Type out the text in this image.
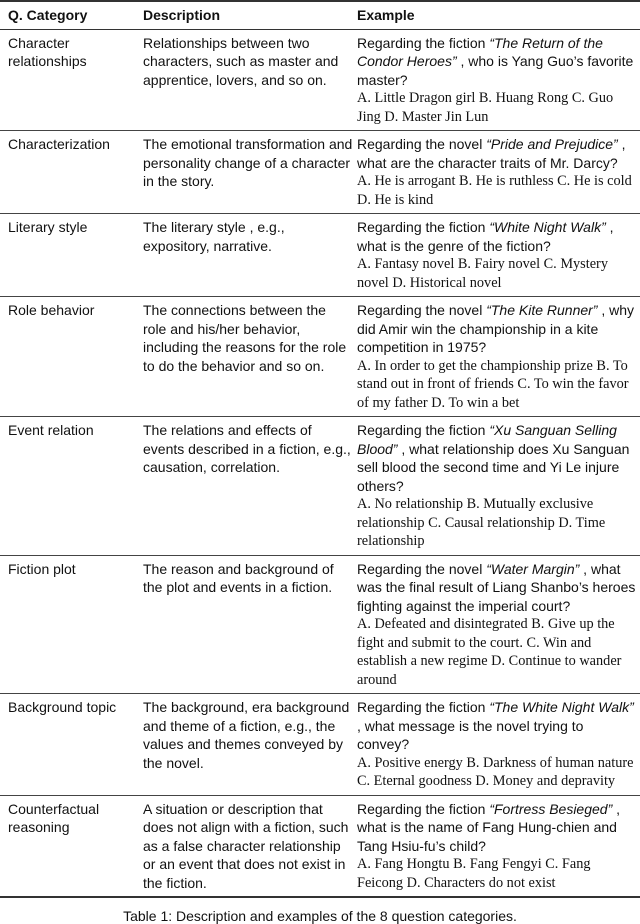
Q. Category	Description	Example
Character relationships	Relationships between two characters, such as master and apprentice, lovers, and so on.	Regarding the fiction “The Return of the Condor Heroes” , who is Yang Guo’s favorite master?
A. Little Dragon girl B. Huang Rong C. Guo Jing D. Master Jin Lun

Characterization	The emotional transformation and personality change of a character in the story.	Regarding the novel “Pride and Prejudice” , what are the character traits of Mr. Darcy?
A. He is arrogant B. He is ruthless C. He is cold D. He is kind

Literary style	The literary style , e.g., expository, narrative.	Regarding the fiction “White Night Walk” , what is the genre of the fiction?
A. Fantasy novel B. Fairy novel C. Mystery novel D. Historical novel

Role behavior	The connections between the role and his/her behavior, including the reasons for the role to do the behavior and so on.	Regarding the novel “The Kite Runner” , why did Amir win the championship in a kite competition in 1975?
A. In order to get the championship prize B. To stand out in front of friends C. To win the favor of my father D. To win a bet

Event relation	The relations and effects of events described in a fiction, e.g., causation, correlation.	Regarding the fiction “Xu Sanguan Selling Blood” , what relationship does Xu Sanguan sell blood the second time and Yi Le injure others?
A. No relationship B. Mutually exclusive relationship C. Causal relationship D. Time relationship

Fiction plot	The reason and background of the plot and events in a fiction.	Regarding the novel “Water Margin” , what was the final result of Liang Shanbo’s heroes fighting against the imperial court?
A. Defeated and disintegrated B. Give up the fight and submit to the court. C. Win and establish a new regime D. Continue to wander around

Background topic	The background, era background and theme of a fiction, e.g., the values and themes conveyed by the novel.	Regarding the fiction “The White Night Walk” , what message is the novel trying to convey?
A. Positive energy B. Darkness of human nature C. Eternal goodness D. Money and depravity

Counterfactual reasoning	A situation or description that does not align with a fiction, such as a false character relationship or an event that does not exist in the fiction.	Regarding the fiction “Fortress Besieged” , what is the name of Fang Hung-chien and Tang Hsiu-fu’s child?
A. Fang Hongtu B. Fang Fengyi C. Fang Feicong D. Characters do not exist
Table 1: Description and examples of the 8 question categories.
